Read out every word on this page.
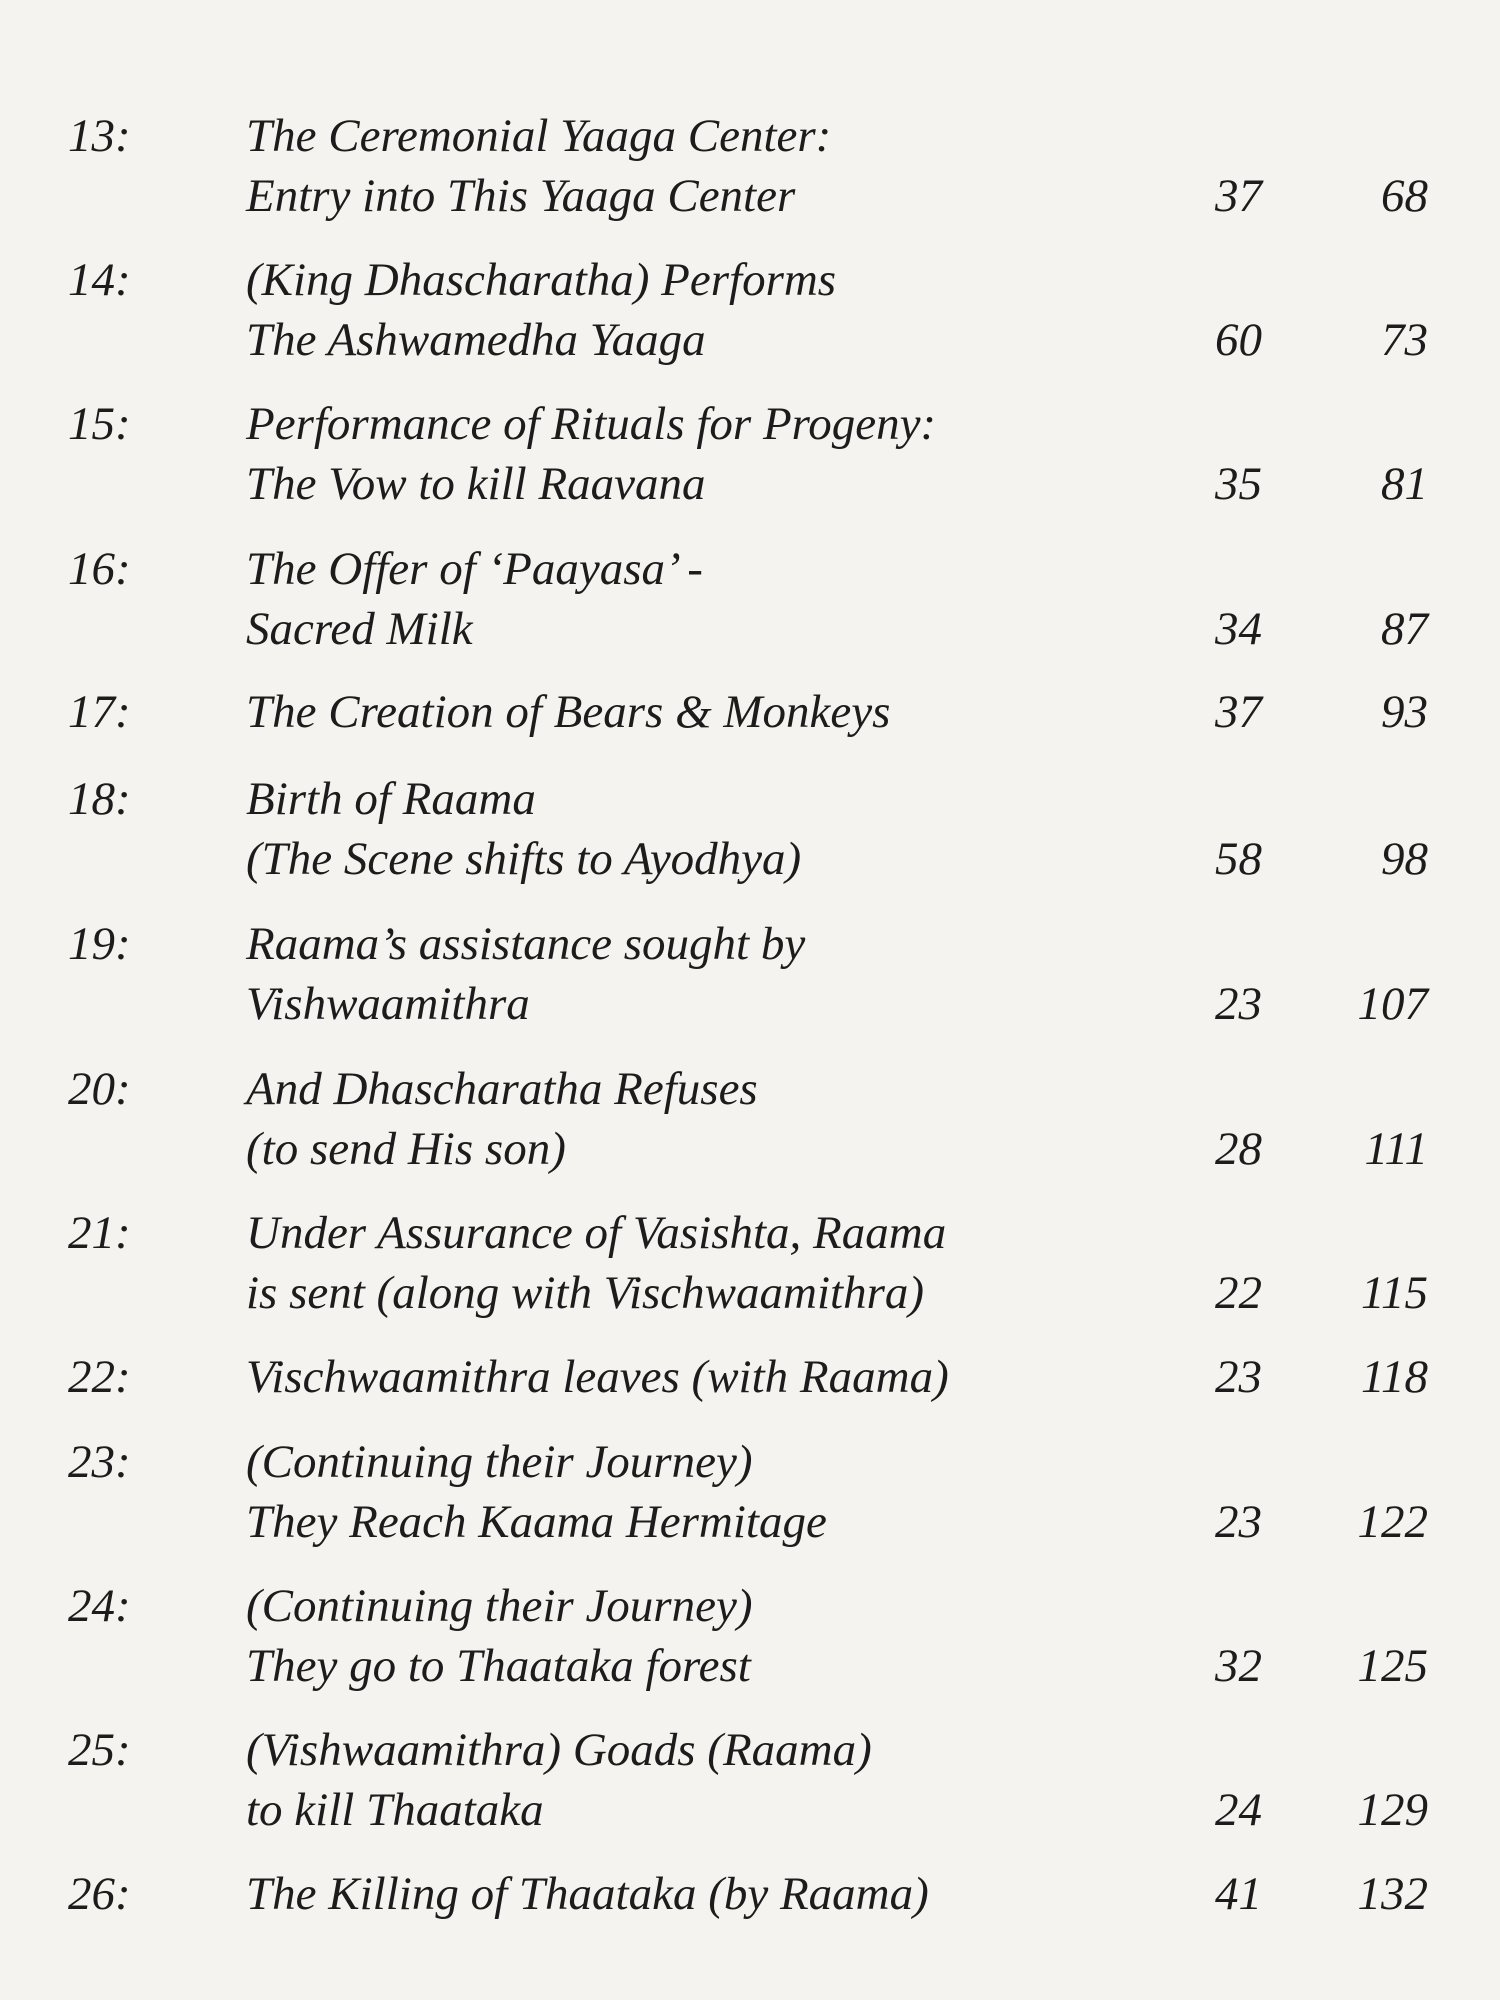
13: The Ceremonial Yaaga Center:
Entry into This Yaaga Center	37	68
14: (King Dhascharatha) Performs
The Ashwamedha Yaaga	60	73
15: Performance of Rituals for Progeny:
The Vow to kill Raavana	35	81
16: The Offer of ‘Paayasa’ -
Sacred Milk	34	87
17: The Creation of Bears & Monkeys	37	93
18: Birth of Raama
(The Scene shifts to Ayodhya)	58	98
19: Raama’s assistance sought by
Vishwaamithra	23	107
20: And Dhascharatha Refuses
(to send His son)	28	111
21: Under Assurance of Vasishta, Raama
is sent (along with Vischwaamithra)	22	115
22: Vischwaamithra leaves (with Raama)	23	118
23: (Continuing their Journey)
They Reach Kaama Hermitage	23	122
24: (Continuing their Journey)
They go to Thaataka forest	32	125
25: (Vishwaamithra) Goads (Raama)
to kill Thaataka	24	129
26: The Killing of Thaataka (by Raama)	41	132
